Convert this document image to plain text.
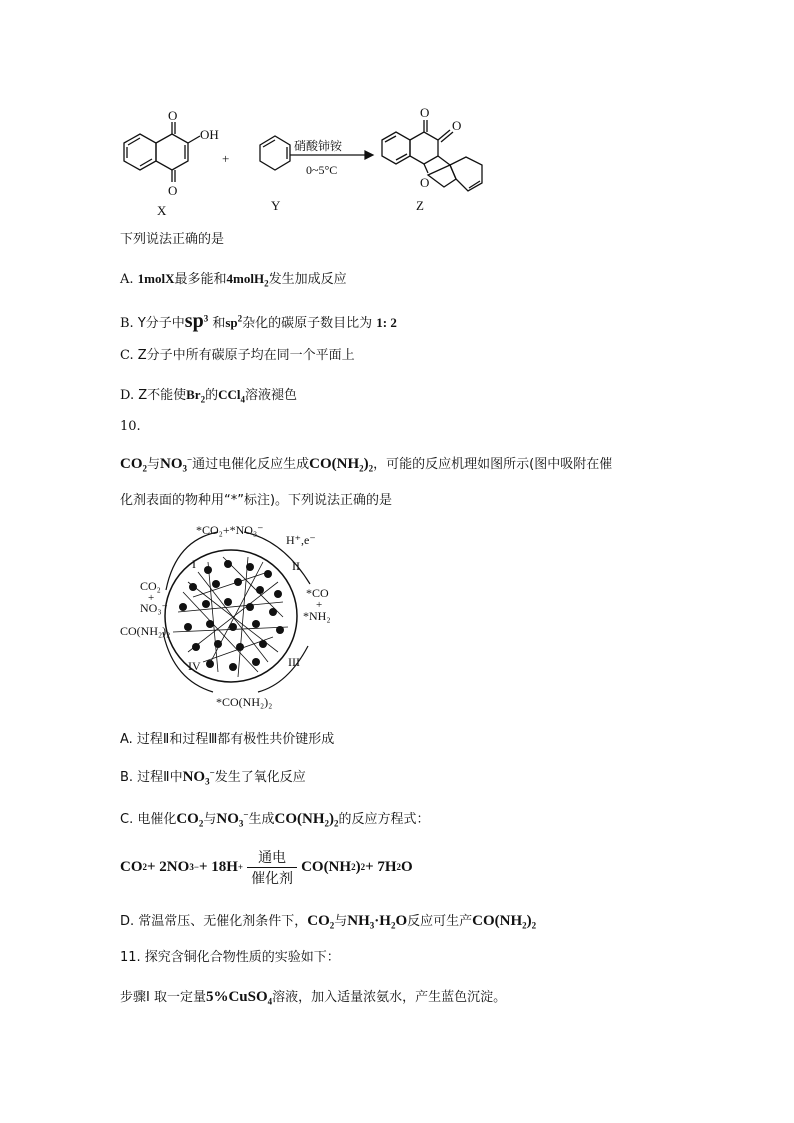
O
O
OH
+
硝酸铈铵
0~5°C
O
O
O
X	Y	Z
下列说法正确的是
A. 1molX最多能和4molH$_2$发生加成反应
B. Y分子中$sp^3$ 和$sp^2$杂化的碳原子数目比为 1: 2
C. Z分子中所有碳原子均在同一个平面上
D. Z不能使$Br_2$的CCl$_4$溶液褪色
10.
$CO_2$与$NO_3^-$通过电催化反应生成$CO(NH_2)_2$，可能的反应机理如图所示(图中吸附在催
化剂表面的物种用“*”标注)。下列说法正确的是
*CO₂+*NO₃⁻
H⁺,e⁻
CO₂
+
NO₃⁻
*CO
+
*NH₂
CO(NH₂)₂
*CO(NH₂)₂
I	II
III
IV
A. 过程Ⅱ和过程Ⅲ都有极性共价键形成
B. 过程Ⅱ中$NO_3^-$发生了氧化反应
C. 电催化$CO_2$与$NO_3^-$生成$CO(NH_2)_2$的反应方程式：
CO 2 + 2NO 3 − + 18H +
通电
催化剂
CO(NH 2 ) 2 + 7H 2 O
D. 常温常压、无催化剂条件下，$CO_2$与$NH_3\cdot H_2O$反应可生产$CO(NH_2)_2$
11. 探究含铜化合物性质的实验如下：
步骤Ⅰ 取一定量5%CuSO$_4$溶液，加入适量浓氨水，产生蓝色沉淀。
